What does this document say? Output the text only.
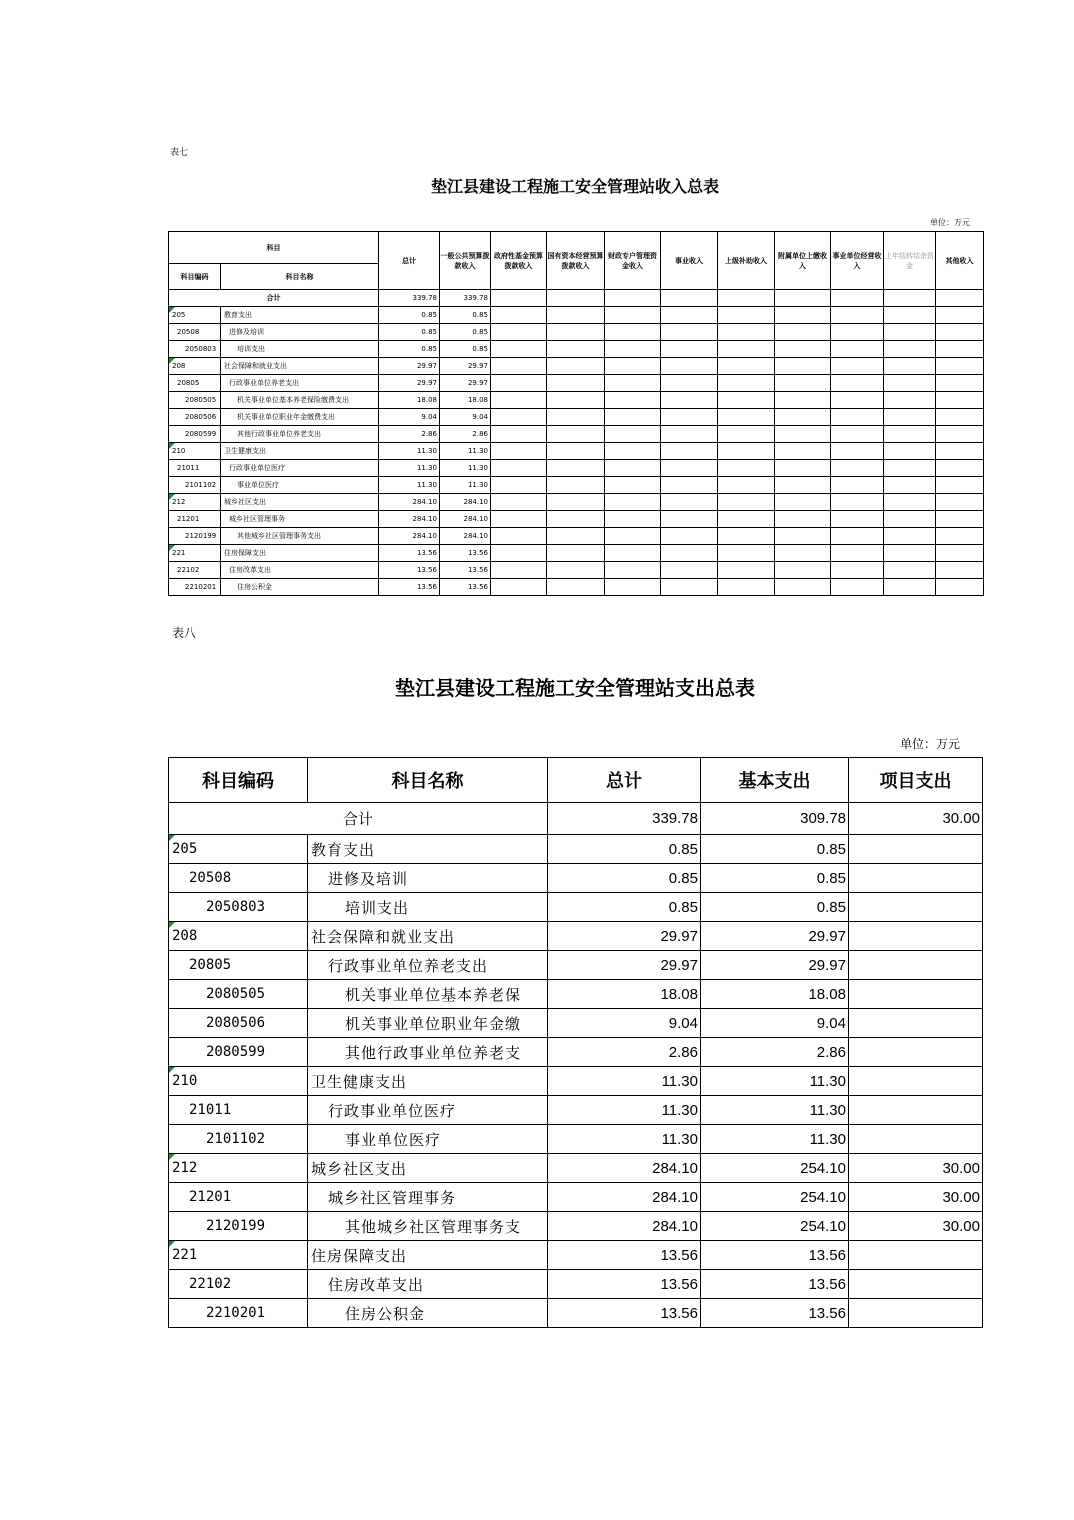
表七
垫江县建设工程施工安全管理站收入总表
单位：万元
科目		总计	一般公共预算拨款收入	政府性基金预算拨款收入	国有资本经营预算拨款收入	财政专户管理资金收入	事业收入	上级补助收入	附属单位上缴收入	事业单位经营收入	上年结转结余资金	其他收入
科目编码	科目名称											
合计		339.78	339.78									

205	教育支出	0.85	0.85									
20508	进修及培训	0.85	0.85									
2050803	培训支出	0.85	0.85									

208	社会保障和就业支出	29.97	29.97									
20805	行政事业单位养老支出	29.97	29.97									
2080505	机关事业单位基本养老保险缴费支出	18.08	18.08									
2080506	机关事业单位职业年金缴费支出	9.04	9.04									
2080599	其他行政事业单位养老支出	2.86	2.86									

210	卫生健康支出	11.30	11.30									
21011	行政事业单位医疗	11.30	11.30									
2101102	事业单位医疗	11.30	11.30									

212	城乡社区支出	284.10	284.10									
21201	城乡社区管理事务	284.10	284.10									
2120199	其他城乡社区管理事务支出	284.10	284.10									

221	住房保障支出	13.56	13.56									
22102	住房改革支出	13.56	13.56									
2210201	住房公积金	13.56	13.56									
表八
垫江县建设工程施工安全管理站支出总表
单位：万元
科目编码	科目名称	总计	基本支出	项目支出
合计		339.78	309.78	30.00

205	教育支出	0.85	0.85	
20508	进修及培训	0.85	0.85	
2050803	培训支出	0.85	0.85	

208	社会保障和就业支出	29.97	29.97	
20805	行政事业单位养老支出	29.97	29.97	
2080505	机关事业单位基本养老保	18.08	18.08	
2080506	机关事业单位职业年金缴	9.04	9.04	
2080599	其他行政事业单位养老支	2.86	2.86	

210	卫生健康支出	11.30	11.30	
21011	行政事业单位医疗	11.30	11.30	
2101102	事业单位医疗	11.30	11.30	

212	城乡社区支出	284.10	254.10	30.00
21201	城乡社区管理事务	284.10	254.10	30.00
2120199	其他城乡社区管理事务支	284.10	254.10	30.00

221	住房保障支出	13.56	13.56	
22102	住房改革支出	13.56	13.56	
2210201	住房公积金	13.56	13.56	
